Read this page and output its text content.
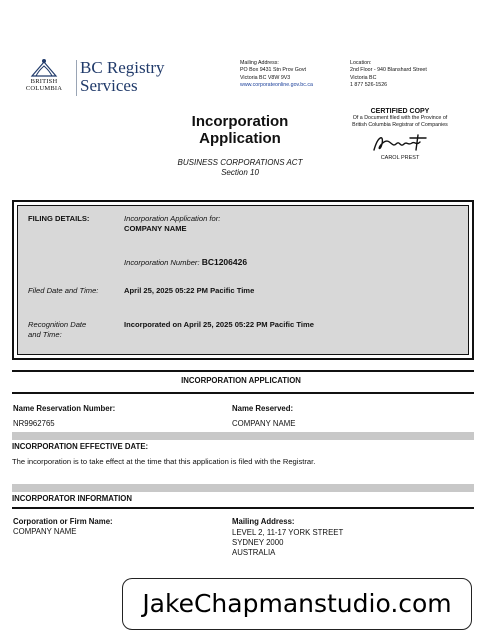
BRITISH
COLUMBIA
BC Registry
Services
Mailing Address:
PO Box 9431 Stn Prov Govt
Victoria BC V8W 9V3
www.corporateonline.gov.bc.ca
Location:
2nd Floor - 940 Blanshard Street
Victoria BC
1 877 526-1526
Incorporation
Application
BUSINESS CORPORATIONS ACT
Section 10
CERTIFIED COPY
Of a Document filed with the Province of
British Columbia Registrar of Companies
CAROL PREST
FILING DETAILS:	Incorporation Application for:
COMPANY NAME
Incorporation Number: BC1206426
Filed Date and Time:	April 25, 2025 05:22 PM Pacific Time
Recognition Date
and Time:
Incorporated on April 25, 2025 05:22 PM Pacific Time
INCORPORATION APPLICATION
Name Reservation Number:
NR9962765
Name Reserved:
COMPANY NAME
INCORPORATION EFFECTIVE DATE:
The incorporation is to take effect at the time that this application is filed with the Registrar.
INCORPORATOR INFORMATION
Corporation or Firm Name:
COMPANY NAME
Mailing Address:
LEVEL 2, 11-17 YORK STREET
SYDNEY 2000
AUSTRALIA
JakeChapmanstudio.com
